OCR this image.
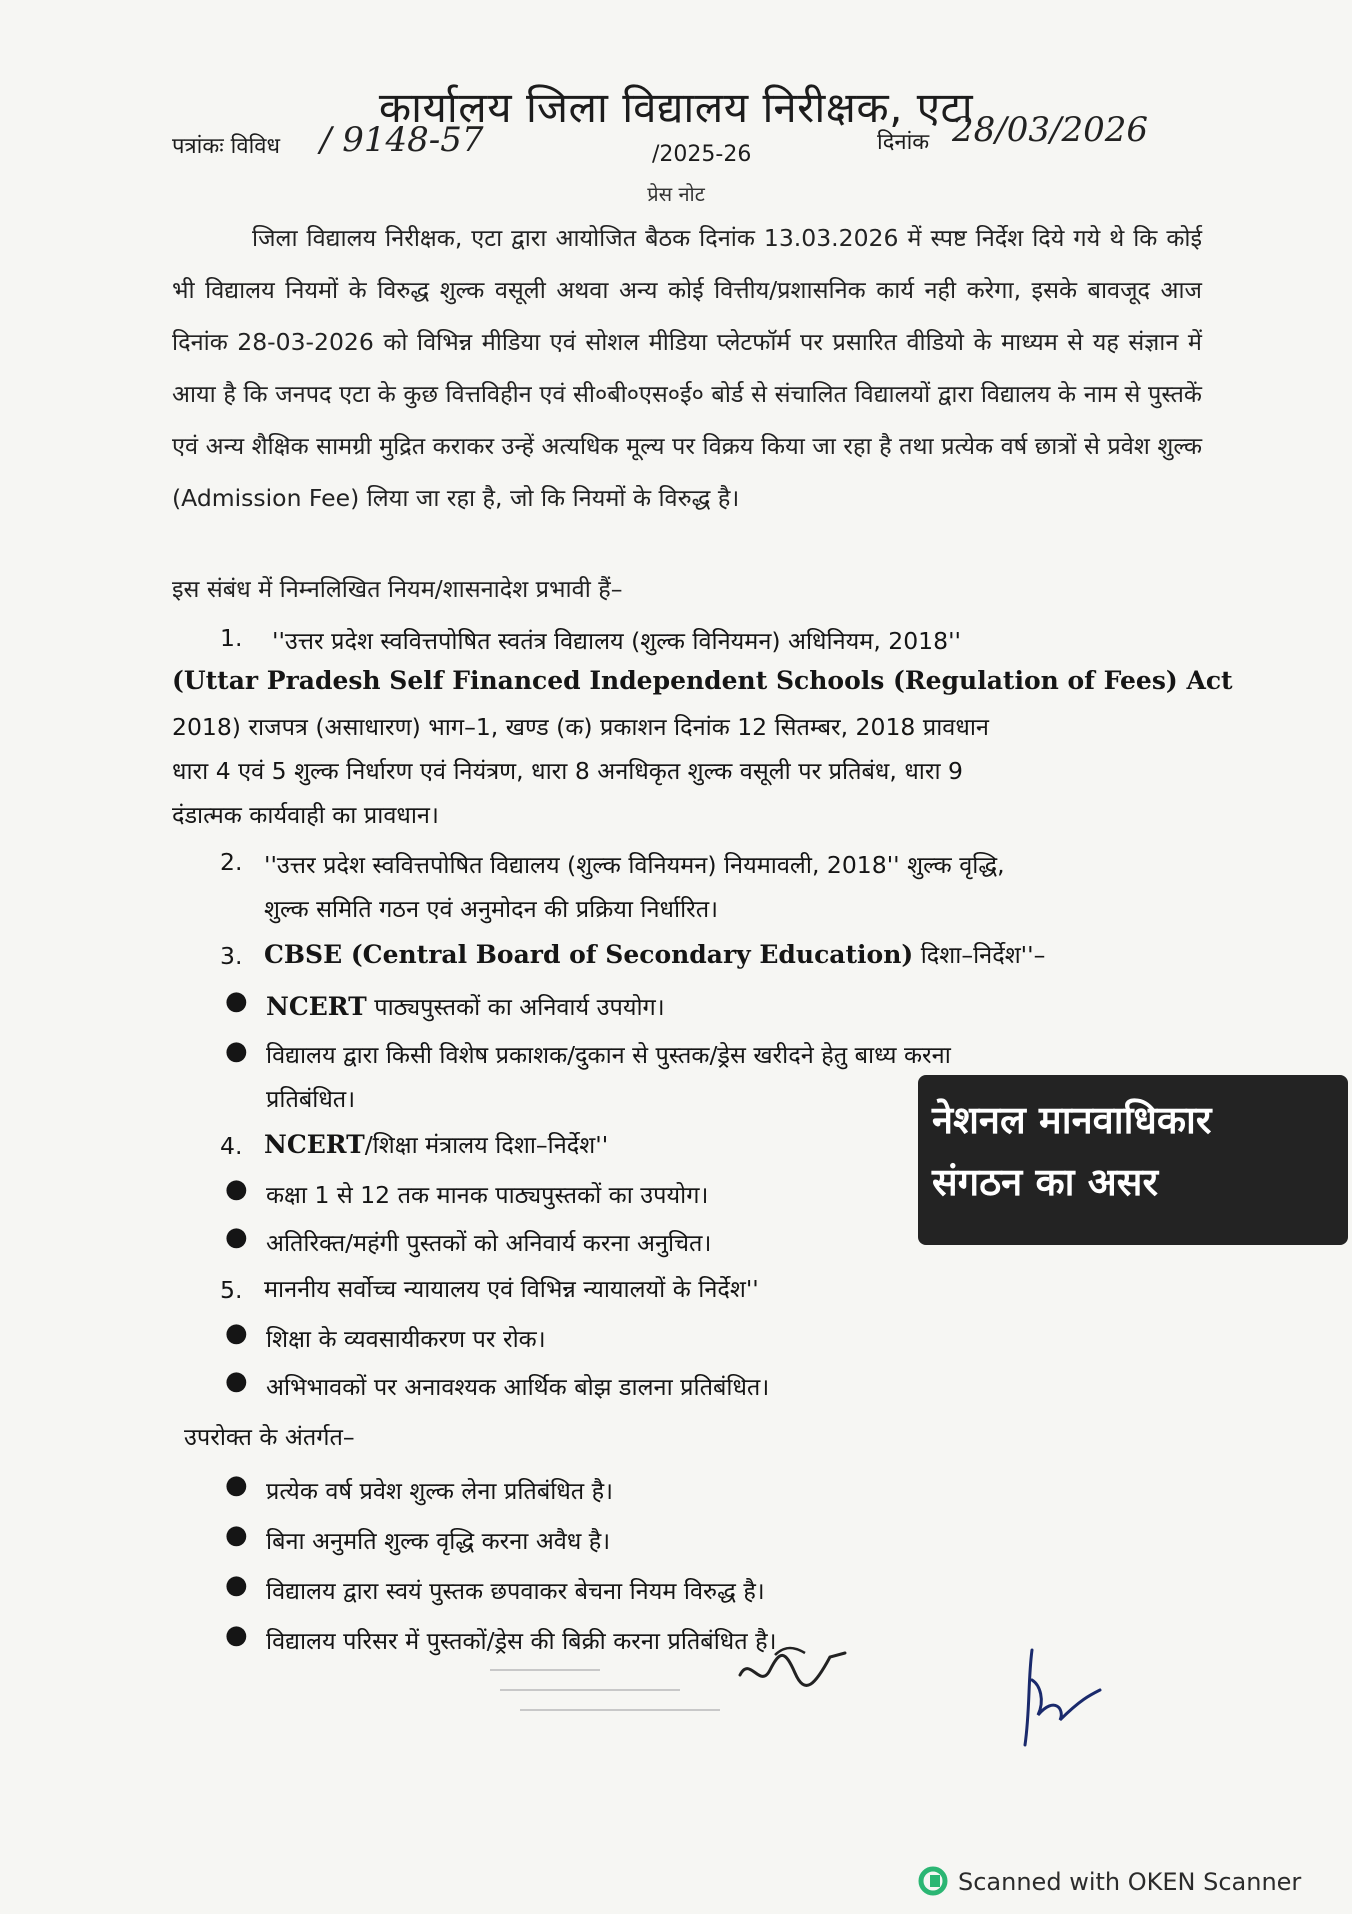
कार्यालय जिला विद्यालय निरीक्षक, एटा
पत्रांकः विविध / 9148-57	/2025-26	दिनांक 28/03/2026
प्रेस नोट
जिला विद्यालय निरीक्षक, एटा द्वारा आयोजित बैठक दिनांक 13.03.2026 में स्पष्ट निर्देश दिये गये थे कि कोई भी विद्यालय नियमों के विरुद्ध शुल्क वसूली अथवा अन्य कोई वित्तीय/प्रशासनिक कार्य नही करेगा, इसके बावजूद आज दिनांक 28-03-2026 को विभिन्न मीडिया एवं सोशल मीडिया प्लेटफॉर्म पर प्रसारित वीडियो के माध्यम से यह संज्ञान में आया है कि जनपद एटा के कुछ वित्तविहीन एवं सी०बी०एस०ई० बोर्ड से संचालित विद्यालयों द्वारा विद्यालय के नाम से पुस्तकें एवं अन्य शैक्षिक सामग्री मुद्रित कराकर उन्हें अत्यधिक मूल्य पर विक्रय किया जा रहा है तथा प्रत्येक वर्ष छात्रों से प्रवेश शुल्क (Admission Fee) लिया जा रहा है, जो कि नियमों के विरुद्ध है।
इस संबंध में निम्नलिखित नियम/शासनादेश प्रभावी हैं–
1. ''उत्तर प्रदेश स्ववित्तपोषित स्वतंत्र विद्यालय (शुल्क विनियमन) अधिनियम, 2018''
(Uttar Pradesh Self Financed Independent Schools (Regulation of Fees) Act
2018) राजपत्र (असाधारण) भाग–1, खण्ड (क) प्रकाशन दिनांक 12 सितम्बर, 2018 प्रावधान
धारा 4 एवं 5 शुल्क निर्धारण एवं नियंत्रण, धारा 8 अनधिकृत शुल्क वसूली पर प्रतिबंध, धारा 9
दंडात्मक कार्यवाही का प्रावधान।
2. ''उत्तर प्रदेश स्ववित्तपोषित विद्यालय (शुल्क विनियमन) नियमावली, 2018'' शुल्क वृद्धि,
शुल्क समिति गठन एवं अनुमोदन की प्रक्रिया निर्धारित।
3. CBSE (Central Board of Secondary Education) दिशा–निर्देश''–
● NCERT पाठ्यपुस्तकों का अनिवार्य उपयोग।
● विद्यालय द्वारा किसी विशेष प्रकाशक/दुकान से पुस्तक/ड्रेस खरीदने हेतु बाध्य करना
प्रतिबंधित।
4. NCERT/शिक्षा मंत्रालय दिशा–निर्देश''
● कक्षा 1 से 12 तक मानक पाठ्यपुस्तकों का उपयोग।
● अतिरिक्त/महंगी पुस्तकों को अनिवार्य करना अनुचित।
5. माननीय सर्वोच्च न्यायालय एवं विभिन्न न्यायालयों के निर्देश''
● शिक्षा के व्यवसायीकरण पर रोक।
● अभिभावकों पर अनावश्यक आर्थिक बोझ डालना प्रतिबंधित।
उपरोक्त के अंतर्गत–
● प्रत्येक वर्ष प्रवेश शुल्क लेना प्रतिबंधित है।
● बिना अनुमति शुल्क वृद्धि करना अवैध है।
● विद्यालय द्वारा स्वयं पुस्तक छपवाकर बेचना नियम विरुद्ध है।
● विद्यालय परिसर में पुस्तकों/ड्रेस की बिक्री करना प्रतिबंधित है।
नेशनल मानवाधिकार
संगठन का असर
Scanned with OKEN Scanner
